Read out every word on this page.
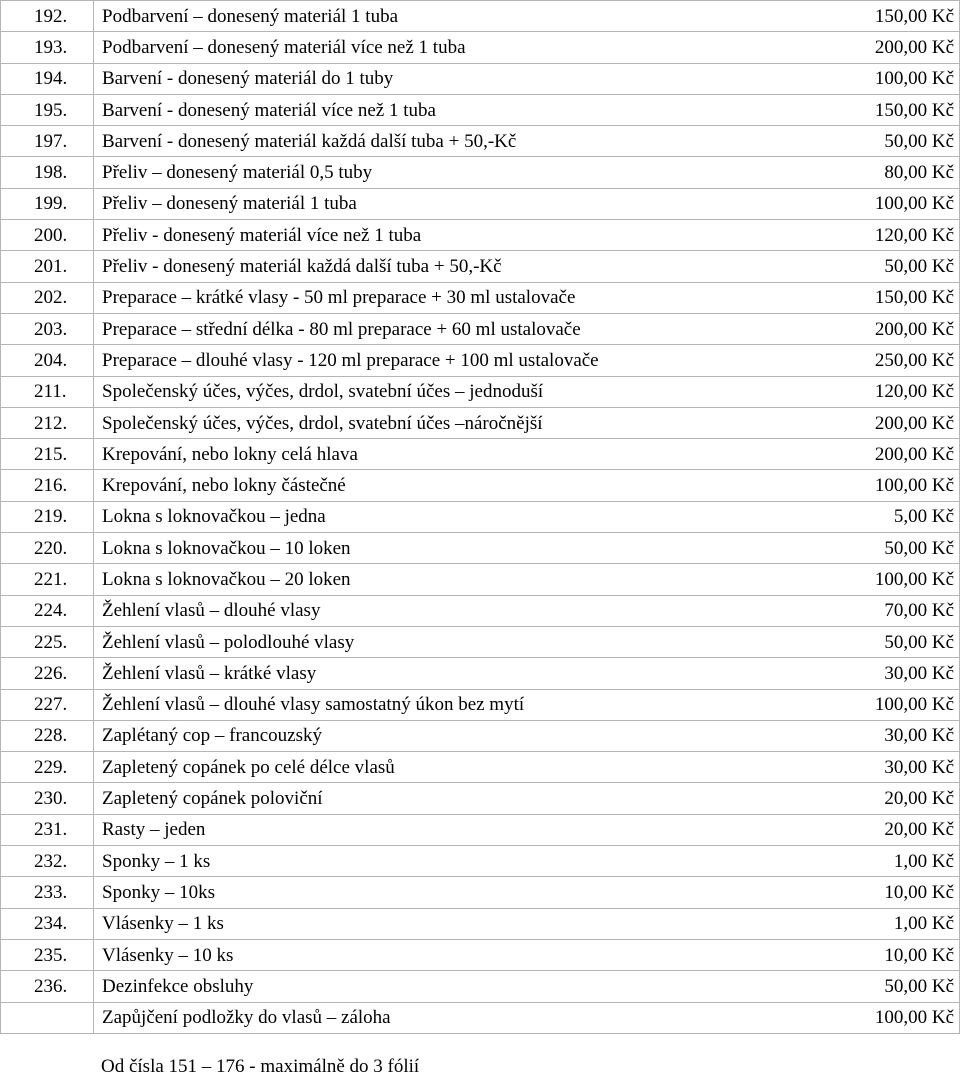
192.	Podbarvení – donesený materiál 1 tuba	150,00 Kč
193.	Podbarvení – donesený materiál více než 1 tuba	200,00 Kč
194.	Barvení - donesený materiál do 1 tuby	100,00 Kč
195.	Barvení - donesený materiál více než 1 tuba	150,00 Kč
197.	Barvení - donesený materiál každá další tuba + 50,-Kč	50,00 Kč
198.	Přeliv – donesený materiál 0,5 tuby	80,00 Kč
199.	Přeliv – donesený materiál 1 tuba	100,00 Kč
200.	Přeliv - donesený materiál více než 1 tuba	120,00 Kč
201.	Přeliv - donesený materiál každá další tuba + 50,-Kč	50,00 Kč
202.	Preparace – krátké vlasy - 50 ml preparace + 30 ml ustalovače	150,00 Kč
203.	Preparace – střední délka - 80 ml preparace + 60 ml ustalovače	200,00 Kč
204.	Preparace – dlouhé vlasy - 120 ml preparace + 100 ml ustalovače	250,00 Kč
211.	Společenský účes, výčes, drdol, svatební účes – jednoduší	120,00 Kč
212.	Společenský účes, výčes, drdol, svatební účes –náročnější	200,00 Kč
215.	Krepování, nebo lokny celá hlava	200,00 Kč
216.	Krepování, nebo lokny částečné	100,00 Kč
219.	Lokna s loknovačkou – jedna	5,00 Kč
220.	Lokna s loknovačkou – 10 loken	50,00 Kč
221.	Lokna s loknovačkou – 20 loken	100,00 Kč
224.	Žehlení vlasů – dlouhé vlasy	70,00 Kč
225.	Žehlení vlasů – polodlouhé vlasy	50,00 Kč
226.	Žehlení vlasů – krátké vlasy	30,00 Kč
227.	Žehlení vlasů – dlouhé vlasy samostatný úkon bez mytí	100,00 Kč
228.	Zaplétaný cop – francouzský	30,00 Kč
229.	Zapletený copánek po celé délce vlasů	30,00 Kč
230.	Zapletený copánek poloviční	20,00 Kč
231.	Rasty – jeden	20,00 Kč
232.	Sponky – 1 ks	1,00 Kč
233.	Sponky – 10ks	10,00 Kč
234.	Vlásenky – 1 ks	1,00 Kč
235.	Vlásenky – 10 ks	10,00 Kč
236.	Dezinfekce obsluhy	50,00 Kč
	Zapůjčení podložky do vlasů – záloha	100,00 Kč
Od čísla 151 – 176 - maximálně do 3 fólií
